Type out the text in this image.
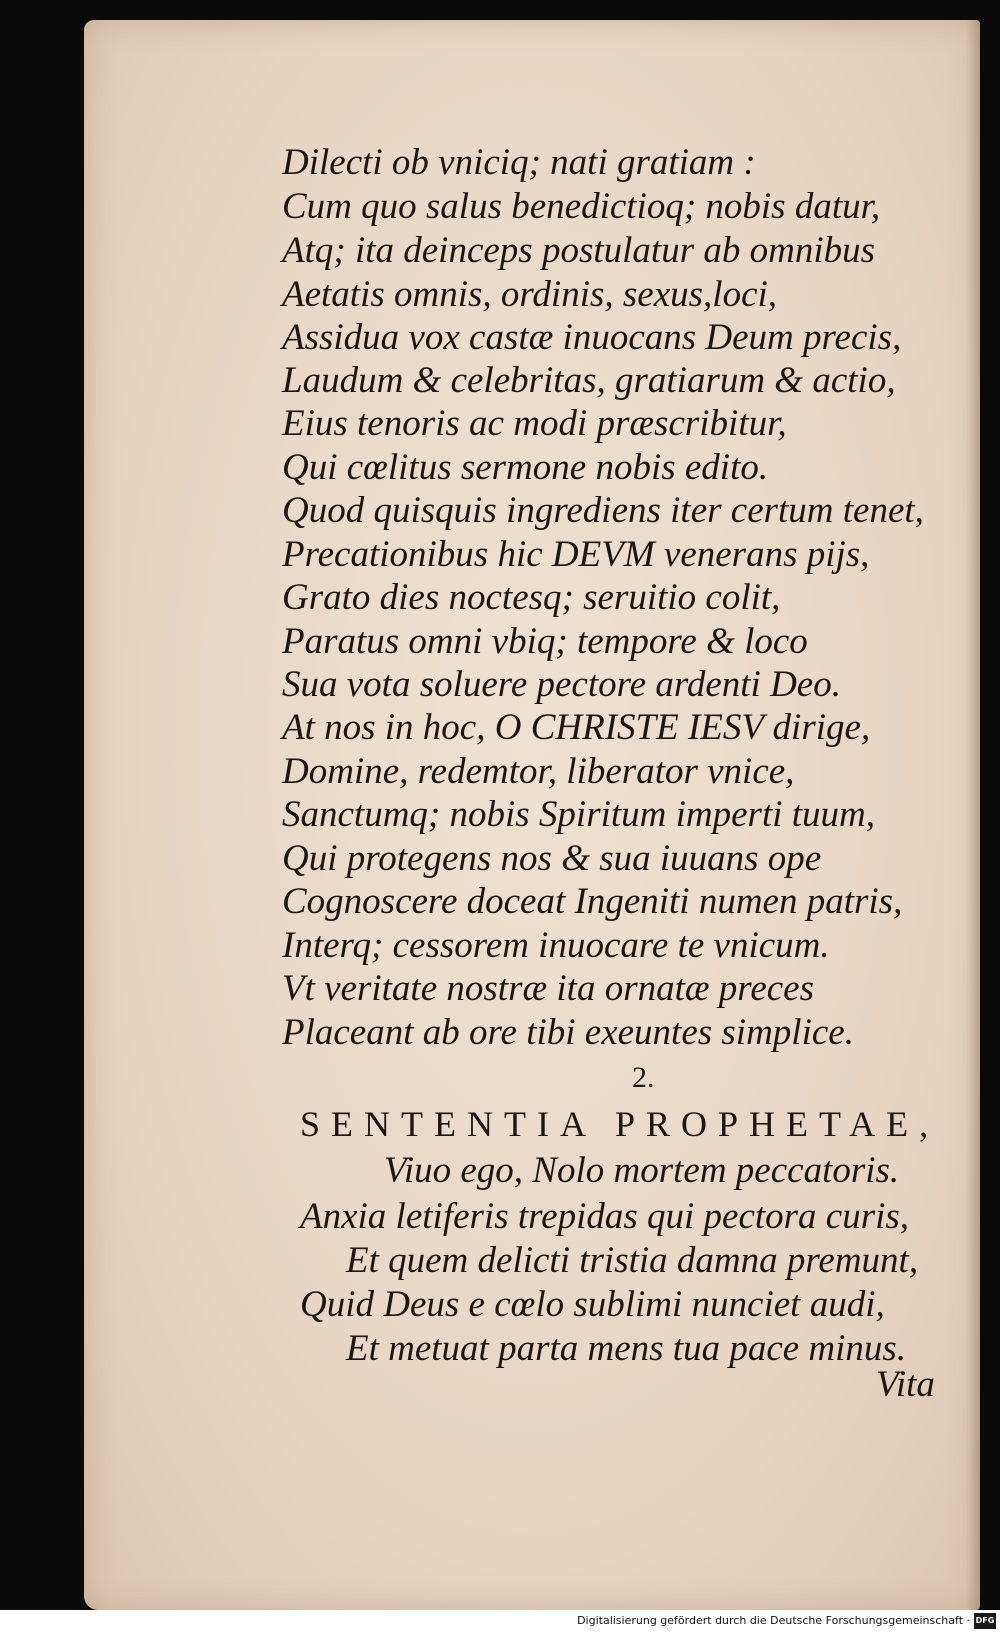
Dilecti ob vniciq; nati gratiam :
Cum quo salus benedictioq; nobis datur,
Atq; ita deinceps postulatur ab omnibus
Aetatis omnis, ordinis, sexus,loci,
Assidua vox castæ inuocans Deum precis,
Laudum & celebritas, gratiarum & actio,
Eius tenoris ac modi præscribitur,
Qui cœlitus sermone nobis edito.
Quod quisquis ingrediens iter certum tenet,
Precationibus hic DEVM venerans pijs,
Grato dies noctesq; seruitio colit,
Paratus omni vbiq; tempore & loco
Sua vota soluere pectore ardenti Deo.
At nos in hoc, O CHRISTE IESV dirige,
Domine, redemtor, liberator vnice,
Sanctumq; nobis Spiritum imperti tuum,
Qui protegens nos & sua iuuans ope
Cognoscere doceat Ingeniti numen patris,
Interq; cessorem inuocare te vnicum.
Vt veritate nostræ ita ornatæ preces
Placeant ab ore tibi exeuntes simplice.
2.
SENTENTIA PROPHETAE,
Viuo ego, Nolo mortem peccatoris.
Anxia letiferis trepidas qui pectora curis,
Et quem delicti tristia damna premunt,
Quid Deus e cœlo sublimi nunciet audi,
Et metuat parta mens tua pace minus.
Vita
Digitalisierung gefördert durch die Deutsche Forschungsgemeinschaft · DFG
